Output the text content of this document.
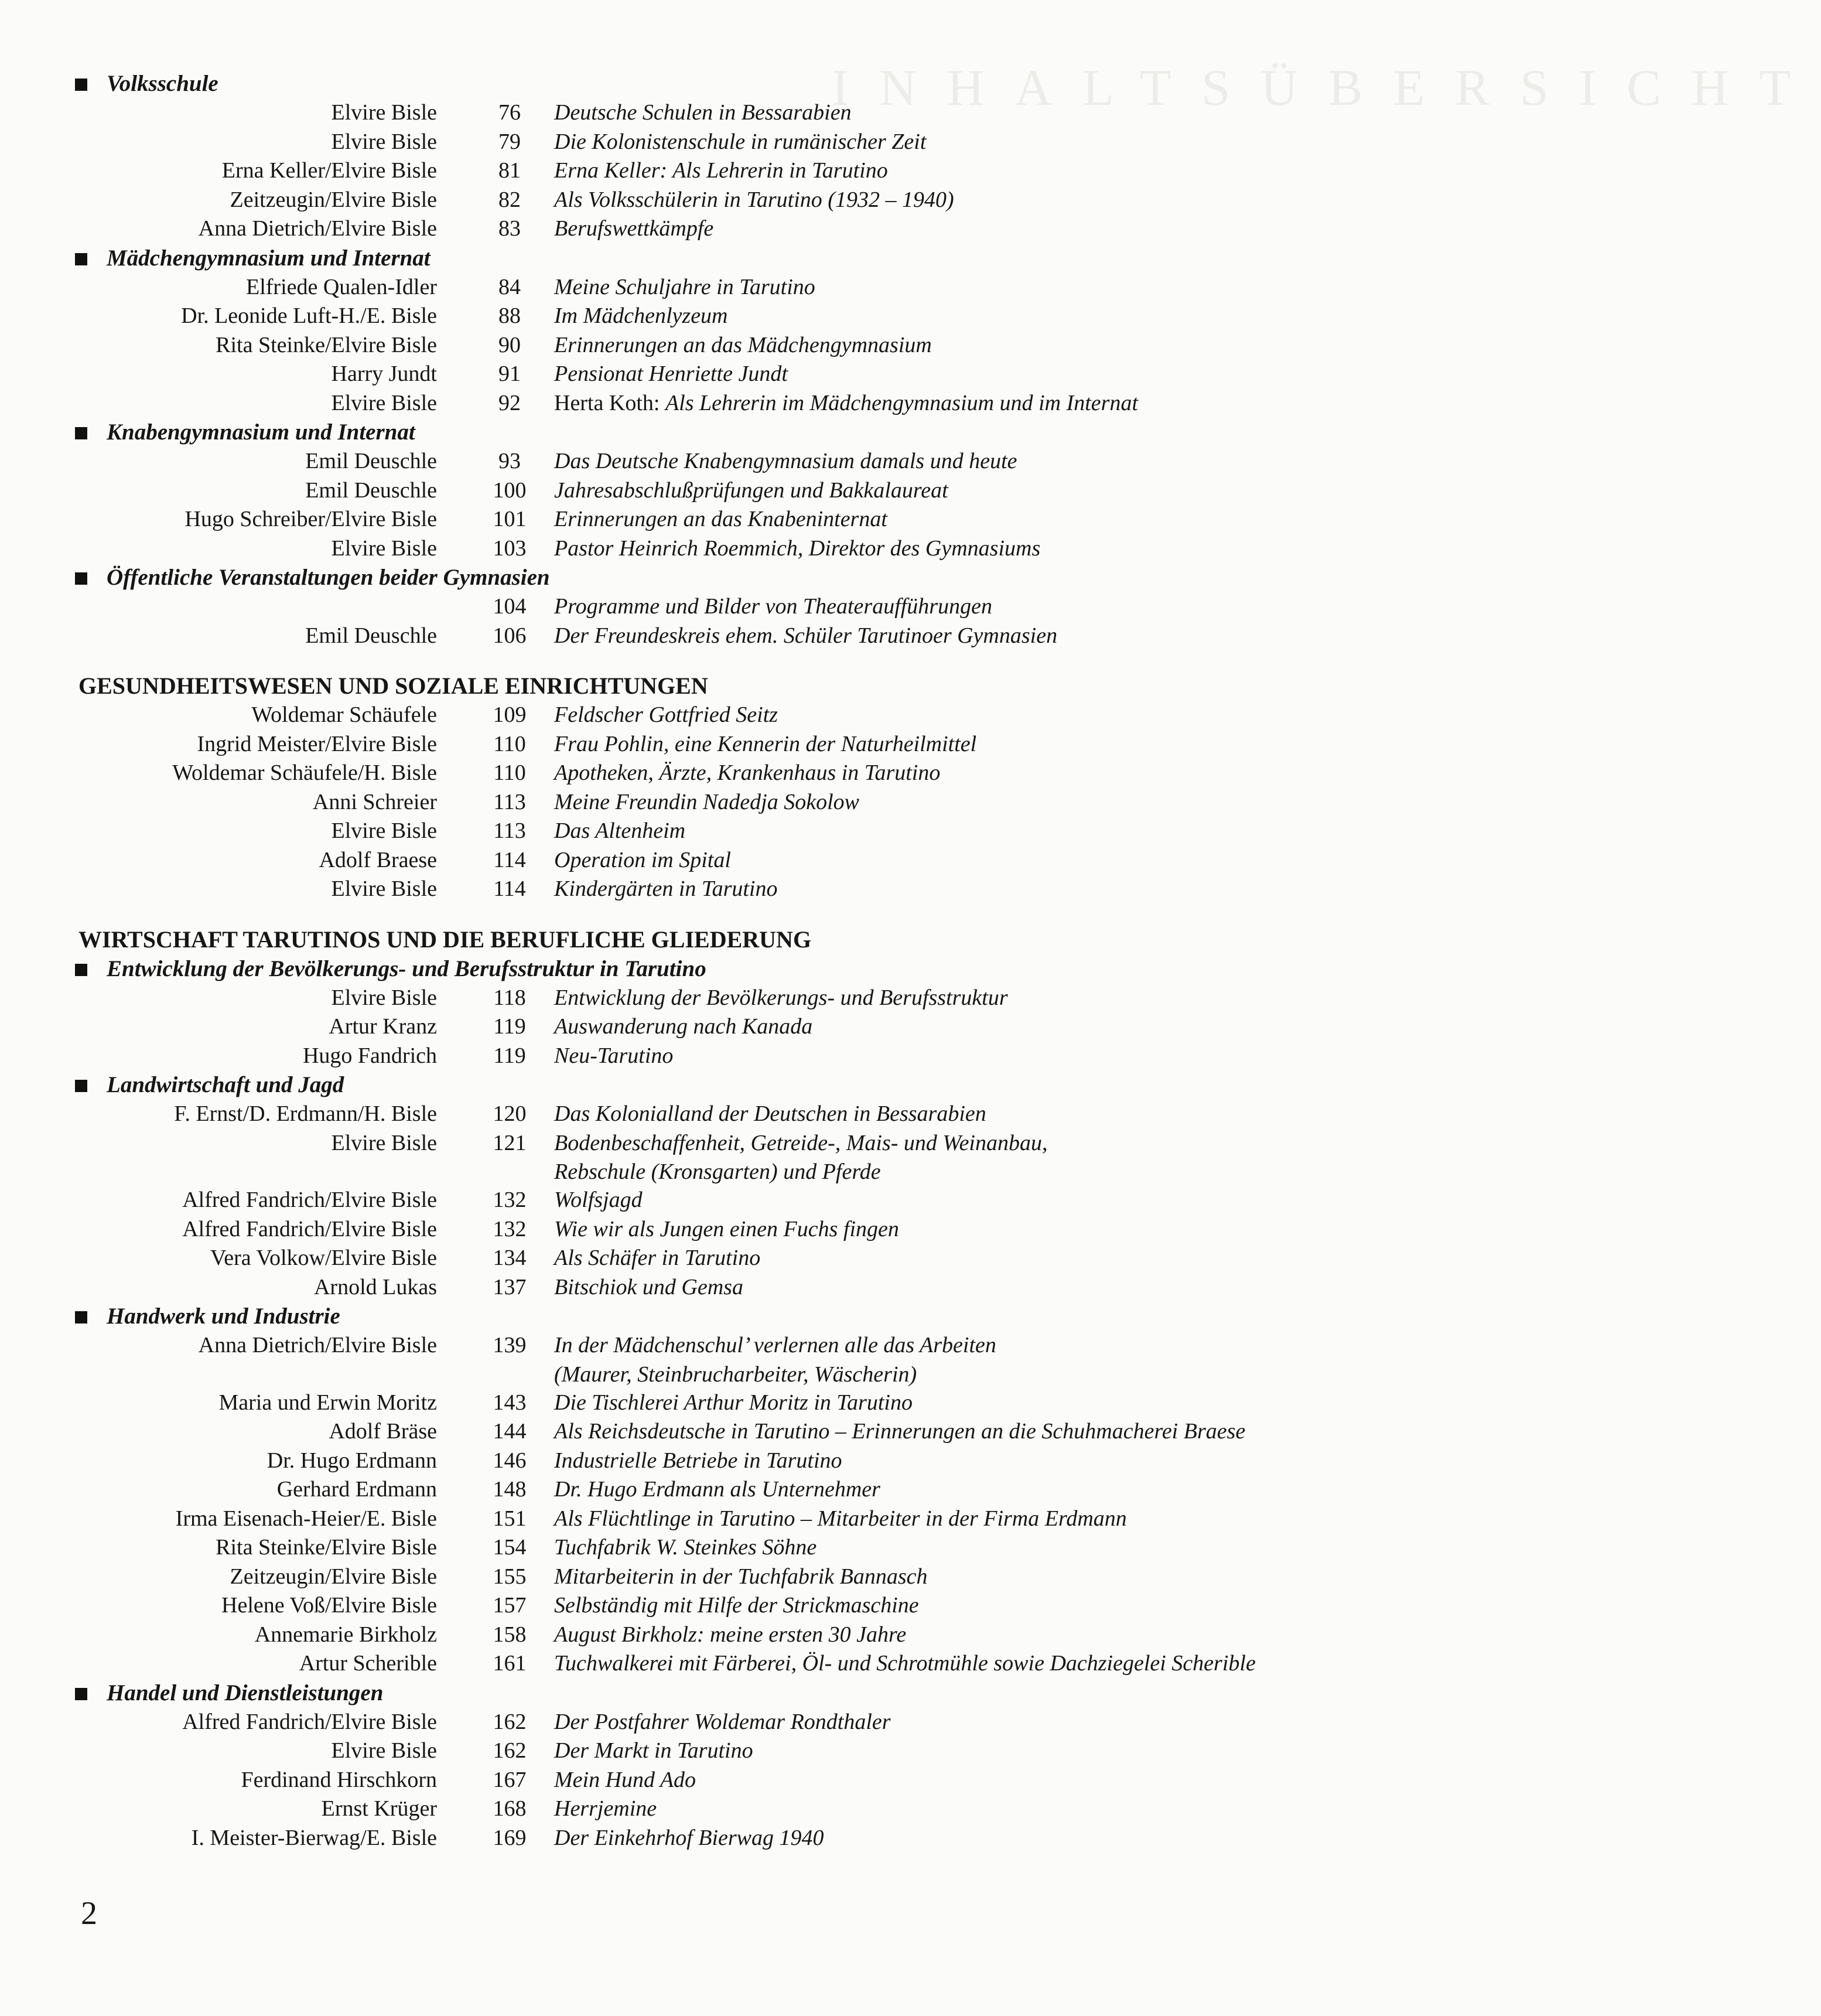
INHALTSÜBERSICHT
Volksschule
Elvire Bisle	76	Deutsche Schulen in Bessarabien
Elvire Bisle	79	Die Kolonistenschule in rumänischer Zeit
Erna Keller/Elvire Bisle	81	Erna Keller: Als Lehrerin in Tarutino
Zeitzeugin/Elvire Bisle	82	Als Volksschülerin in Tarutino (1932 – 1940)
Anna Dietrich/Elvire Bisle	83	Berufswettkämpfe
Mädchengymnasium und Internat
Elfriede Qualen-Idler	84	Meine Schuljahre in Tarutino
Dr. Leonide Luft-H./E. Bisle	88	Im Mädchenlyzeum
Rita Steinke/Elvire Bisle	90	Erinnerungen an das Mädchengymnasium
Harry Jundt	91	Pensionat Henriette Jundt
Elvire Bisle	92	Herta Koth: Als Lehrerin im Mädchengymnasium und im Internat
Knabengymnasium und Internat
Emil Deuschle	93	Das Deutsche Knabengymnasium damals und heute
Emil Deuschle	100	Jahresabschlußprüfungen und Bakkalaureat
Hugo Schreiber/Elvire Bisle	101	Erinnerungen an das Knabeninternat
Elvire Bisle	103	Pastor Heinrich Roemmich, Direktor des Gymnasiums
Öffentliche Veranstaltungen beider Gymnasien
104	Programme und Bilder von Theateraufführungen
Emil Deuschle	106	Der Freundeskreis ehem. Schüler Tarutinoer Gymnasien
GESUNDHEITSWESEN UND SOZIALE EINRICHTUNGEN
Woldemar Schäufele	109	Feldscher Gottfried Seitz
Ingrid Meister/Elvire Bisle	110	Frau Pohlin, eine Kennerin der Naturheilmittel
Woldemar Schäufele/H. Bisle	110	Apotheken, Ärzte, Krankenhaus in Tarutino
Anni Schreier	113	Meine Freundin Nadedja Sokolow
Elvire Bisle	113	Das Altenheim
Adolf Braese	114	Operation im Spital
Elvire Bisle	114	Kindergärten in Tarutino
WIRTSCHAFT TARUTINOS UND DIE BERUFLICHE GLIEDERUNG
Entwicklung der Bevölkerungs- und Berufsstruktur in Tarutino
Elvire Bisle	118	Entwicklung der Bevölkerungs- und Berufsstruktur
Artur Kranz	119	Auswanderung nach Kanada
Hugo Fandrich	119	Neu-Tarutino
Landwirtschaft und Jagd
F. Ernst/D. Erdmann/H. Bisle	120	Das Kolonialland der Deutschen in Bessarabien
Elvire Bisle	121	Bodenbeschaffenheit, Getreide-, Mais- und Weinanbau,
Rebschule (Kronsgarten) und Pferde
Alfred Fandrich/Elvire Bisle	132	Wolfsjagd
Alfred Fandrich/Elvire Bisle	132	Wie wir als Jungen einen Fuchs fingen
Vera Volkow/Elvire Bisle	134	Als Schäfer in Tarutino
Arnold Lukas	137	Bitschiok und Gemsa
Handwerk und Industrie
Anna Dietrich/Elvire Bisle	139	In der Mädchenschul’ verlernen alle das Arbeiten
(Maurer, Steinbrucharbeiter, Wäscherin)
Maria und Erwin Moritz	143	Die Tischlerei Arthur Moritz in Tarutino
Adolf Bräse	144	Als Reichsdeutsche in Tarutino – Erinnerungen an die Schuhmacherei Braese
Dr. Hugo Erdmann	146	Industrielle Betriebe in Tarutino
Gerhard Erdmann	148	Dr. Hugo Erdmann als Unternehmer
Irma Eisenach-Heier/E. Bisle	151	Als Flüchtlinge in Tarutino – Mitarbeiter in der Firma Erdmann
Rita Steinke/Elvire Bisle	154	Tuchfabrik W. Steinkes Söhne
Zeitzeugin/Elvire Bisle	155	Mitarbeiterin in der Tuchfabrik Bannasch
Helene Voß/Elvire Bisle	157	Selbständig mit Hilfe der Strickmaschine
Annemarie Birkholz	158	August Birkholz: meine ersten 30 Jahre
Artur Scherible	161	Tuchwalkerei mit Färberei, Öl- und Schrotmühle sowie Dachziegelei Scherible
Handel und Dienstleistungen
Alfred Fandrich/Elvire Bisle	162	Der Postfahrer Woldemar Rondthaler
Elvire Bisle	162	Der Markt in Tarutino
Ferdinand Hirschkorn	167	Mein Hund Ado
Ernst Krüger	168	Herrjemine
I. Meister-Bierwag/E. Bisle	169	Der Einkehrhof Bierwag 1940
2
